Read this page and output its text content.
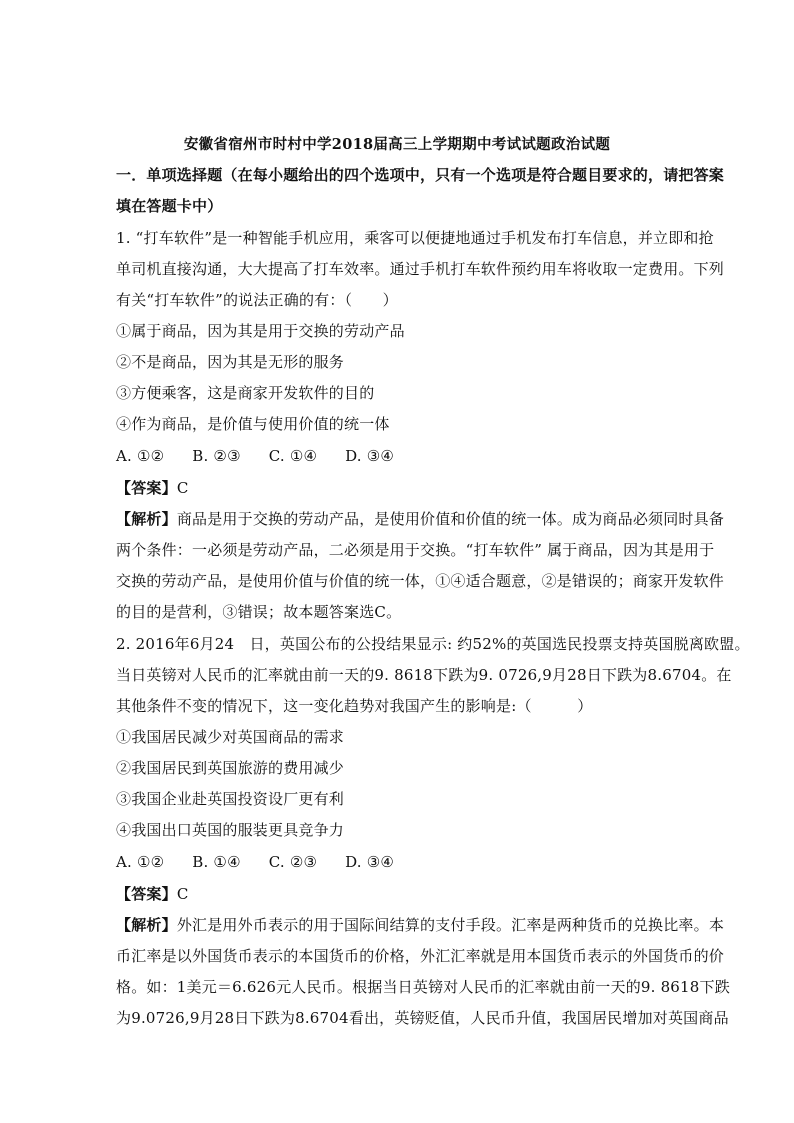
安徽省宿州市时村中学2018届高三上学期期中考试试题政治试题
一．单项选择题（在每小题给出的四个选项中，只有一个选项是符合题目要求的，请把答案
填在答题卡中）
1. “打车软件”是一种智能手机应用，乘客可以便捷地通过手机发布打车信息，并立即和抢
单司机直接沟通，大大提高了打车效率。通过手机打车软件预约用车将收取一定费用。下列
有关“打车软件”的说法正确的有：（　　）
①属于商品，因为其是用于交换的劳动产品
②不是商品，因为其是无形的服务
③方便乘客，这是商家开发软件的目的
④作为商品，是价值与使用价值的统一体
A. ①② B. ②③ C. ①④ D. ③④
【答案】C
【解析】商品是用于交换的劳动产品，是使用价值和价值的统一体。成为商品必须同时具备
两个条件：一必须是劳动产品，二必须是用于交换。“打车软件” 属于商品，因为其是用于
交换的劳动产品，是使用价值与价值的统一体，①④适合题意，②是错误的；商家开发软件
的目的是营利，③错误；故本题答案选C。
2. 2016年6月24　日，英国公布的公投结果显示: 约52%的英国选民投票支持英国脱离欧盟。
当日英镑对人民币的汇率就由前一天的9. 8618下跌为9. 0726,9月28日下跌为8.6704。在
其他条件不变的情况下，这一变化趋势对我国产生的影响是:（　　　）
①我国居民减少对英国商品的需求
②我国居民到英国旅游的费用减少
③我国企业赴英国投资设厂更有利
④我国出口英国的服装更具竞争力
A. ①② B. ①④ C. ②③ D. ③④
【答案】C
【解析】外汇是用外币表示的用于国际间结算的支付手段。汇率是两种货币的兑换比率。本
币汇率是以外国货币表示的本国货币的价格，外汇汇率就是用本国货币表示的外国货币的价
格。如：1美元＝6.626元人民币。根据当日英镑对人民币的汇率就由前一天的9. 8618下跌
为9.0726,9月28日下跌为8.6704看出，英镑贬值，人民币升值，我国居民增加对英国商品
